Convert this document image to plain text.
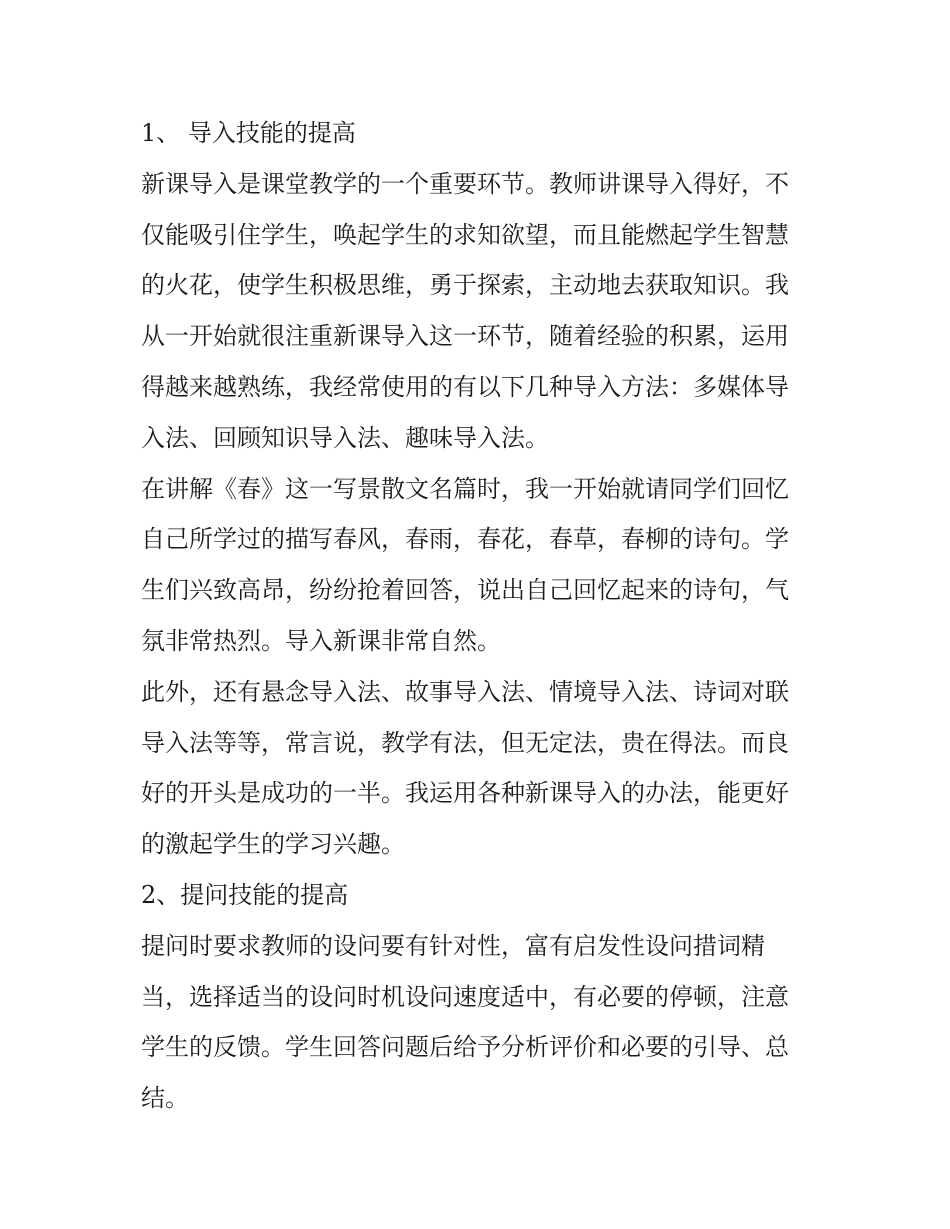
1、 导入技能的提高
新课导入是课堂教学的一个重要环节。教师讲课导入得好，不
仅能吸引住学生，唤起学生的求知欲望，而且能燃起学生智慧
的火花，使学生积极思维，勇于探索，主动地去获取知识。我
从一开始就很注重新课导入这一环节，随着经验的积累，运用
得越来越熟练，我经常使用的有以下几种导入方法：多媒体导
入法、回顾知识导入法、趣味导入法。
在讲解《春》这一写景散文名篇时，我一开始就请同学们回忆
自己所学过的描写春风，春雨，春花，春草，春柳的诗句。学
生们兴致高昂，纷纷抢着回答，说出自己回忆起来的诗句，气
氛非常热烈。导入新课非常自然。
此外，还有悬念导入法、故事导入法、情境导入法、诗词对联
导入法等等，常言说，教学有法，但无定法，贵在得法。而良
好的开头是成功的一半。我运用各种新课导入的办法，能更好
的激起学生的学习兴趣。
2、提问技能的提高
提问时要求教师的设问要有针对性，富有启发性设问措词精
当，选择适当的设问时机设问速度适中，有必要的停顿，注意
学生的反馈。学生回答问题后给予分析评价和必要的引导、总
结。
